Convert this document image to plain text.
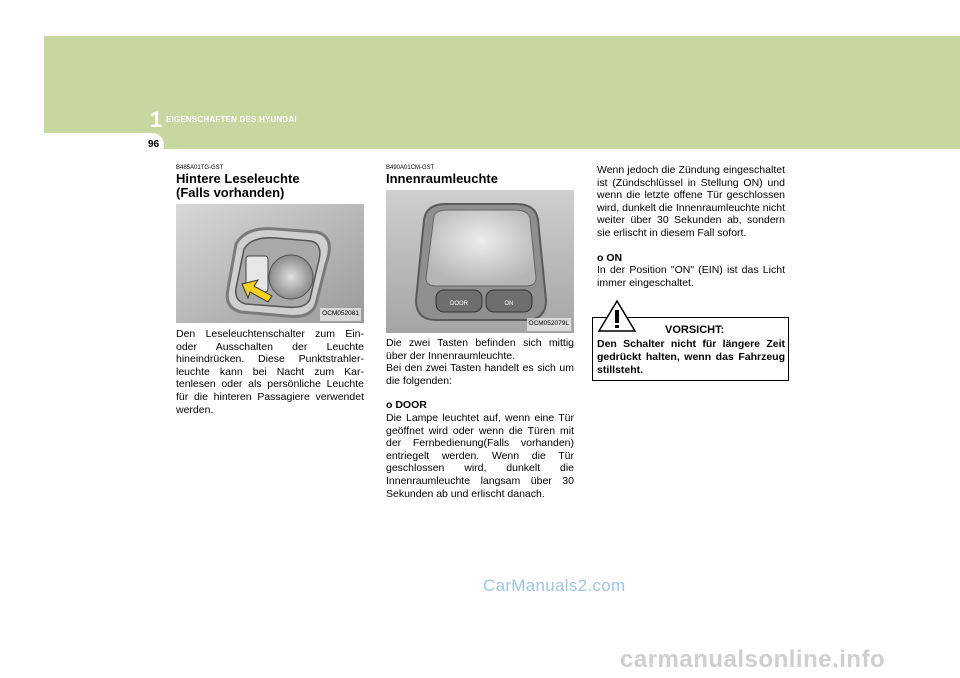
1 EIGENSCHAFTEN DES HYUNDAI
96
B485A01TG-GST
Hintere Leseleuchte
(Falls vorhanden)
OCM052081
Den Leseleuchtenschalter zum Ein- oder Ausschalten der Leuchte hineindrücken. Diese Punktstrahler-leuchte kann bei Nacht zum Kar-tenlesen oder als persönliche Leuchte für die hinteren Passagiere verwendet werden.
B490A01CM-GST
Innenraumleuchte
DOOR	ON
OCM052079L
Die zwei Tasten befinden sich mittig über der Innenraumleuchte.
Bei den zwei Tasten handelt es sich um die folgenden:
o DOOR
Die Lampe leuchtet auf, wenn eine Tür geöffnet wird oder wenn die Türen mit der Fernbedienung(Falls vorhanden) entriegelt werden. Wenn die Tür geschlossen wird, dunkelt die Innenraumleuchte langsam über 30 Sekunden ab und erlischt danach.
Wenn jedoch die Zündung eingeschaltet ist (Zündschlüssel in Stellung ON) und wenn die letzte offene Tür geschlossen wird, dunkelt die Innenraumleuchte nicht weiter über 30 Sekunden ab, sondern sie erlischt in diesem Fall sofort.
o ON
In der Position "ON" (EIN) ist das Licht immer eingeschaltet.
VORSICHT:
Den Schalter nicht für längere Zeit gedrückt halten, wenn das Fahrzeug stillsteht.
CarManuals2.com
carmanualsonline.info
